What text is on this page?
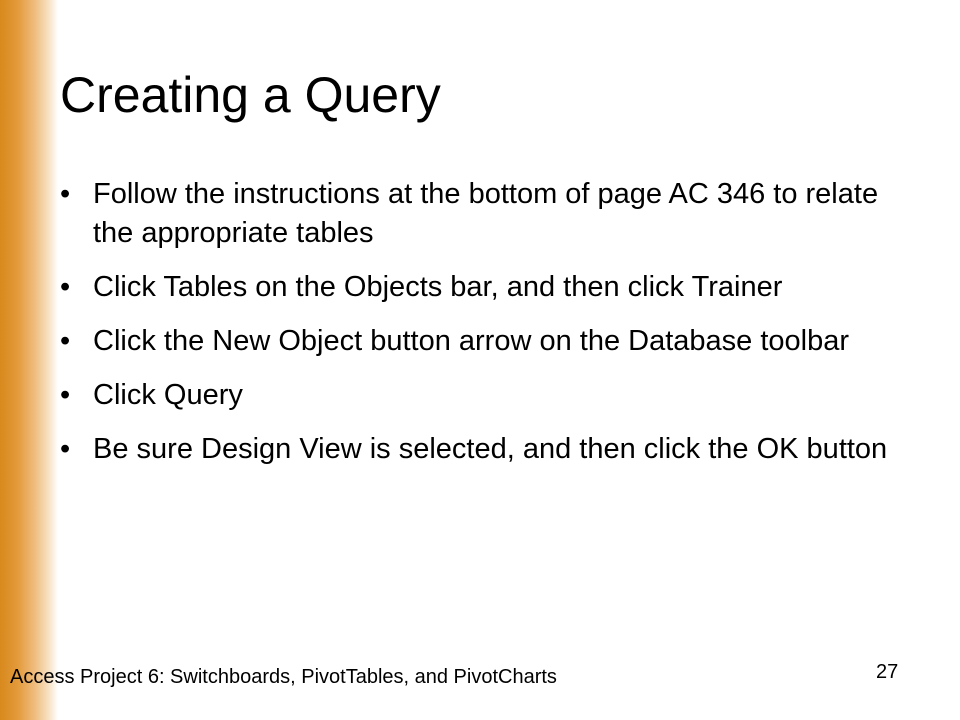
Creating a Query
• Follow the instructions at the bottom of page AC 346 to relate the appropriate tables
• Click Tables on the Objects bar, and then click Trainer
• Click the New Object button arrow on the Database toolbar
• Click Query
• Be sure Design View is selected, and then click the OK button
Access Project 6: Switchboards, PivotTables, and PivotCharts	27
